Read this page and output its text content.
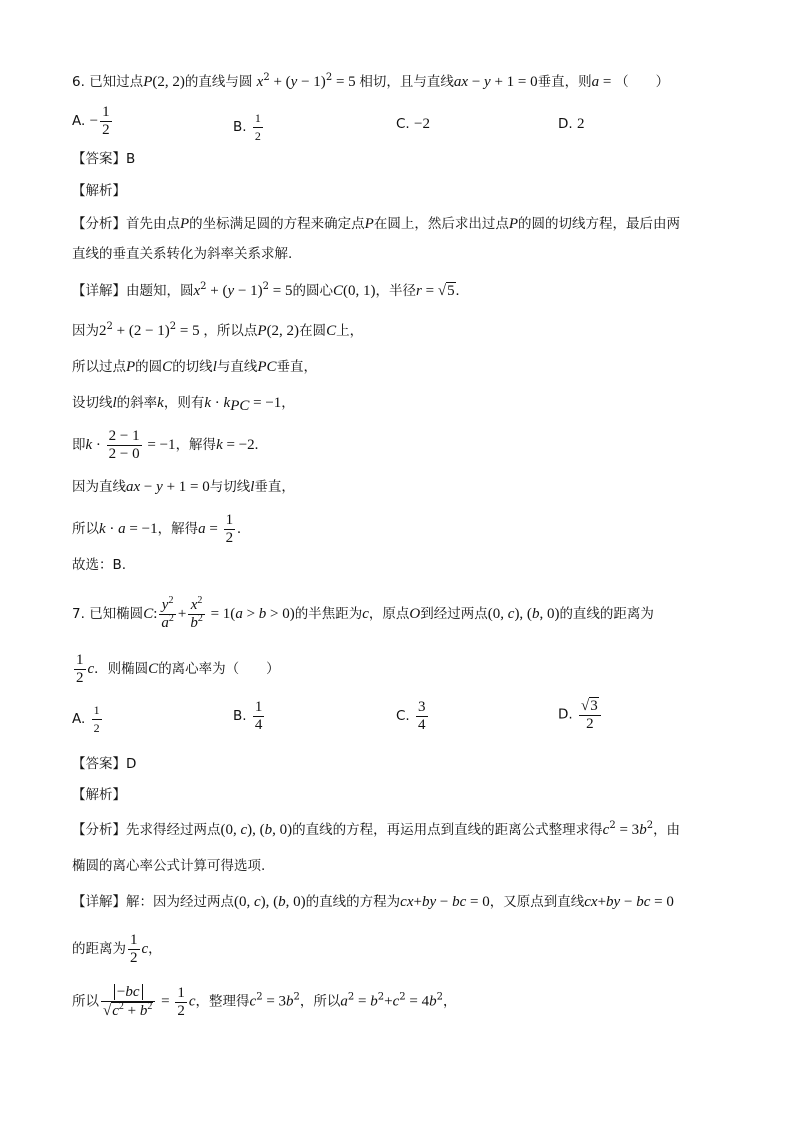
6. 已知过点P(2, 2)的直线与圆 $x^2 + (y - 1)^2 = 5$ 相切，且与直线ax − y + 1 = 0垂直，则a = （　　）
A. − $\frac{1}{2}$	B. $\frac{1}{2}$	C. −2	D. 2
【答案】B
【解析】
【分析】首先由点P的坐标满足圆的方程来确定点P在圆上，然后求出过点P的圆的切线方程，最后由两
直线的垂直关系转化为斜率关系求解.
【详解】由题知，圆$x^2 + (y - 1)^2 = 5$的圆心C(0, 1)，半径r = √5.
因为$2^2 + (2 - 1)^2 = 5$ ，所以点P(2, 2)在圆C上，
所以过点P的圆C的切线l与直线PC垂直，
设切线l的斜率k，则有$k \cdot k_{PC} = -1$，
即$k \cdot \frac{2 - 1}{2 - 0} = -1$，解得k = −2.
因为直线ax − y + 1 = 0与切线l垂直，
所以k · a = −1，解得$a = \frac{1}{2}$ .
故选：B.
7. 已知椭圆C: $\frac{y^2}{a^2} + \frac{x^2}{b^2} = 1(a > b > 0)$的半焦距为c，原点O到经过两点(0, c), (b, 0)的直线的距离为
$\frac{1}{2}$ c．则椭圆C的离心率为（　　）
A. $\frac{1}{2}$	B. $\frac{1}{4}$	C. $\frac{3}{4}$	D. $\frac{√3}{2}$
【答案】D
【解析】
【分析】先求得经过两点(0, c), (b, 0)的直线的方程，再运用点到直线的距离公式整理求得$c^2 = 3b^2$，由
椭圆的离心率公式计算可得选项.
【详解】解：因为经过两点(0, c), (b, 0)的直线的方程为cx+by − bc = 0，又原点到直线cx+by − bc = 0
的距离为 $\frac{1}{2}$ c，
所以 $\frac{-bc}{√c^2 + b^2} = \frac{1}{2}$ c，整理得$c^2 = 3b^2$，所以$a^2 = b^2+c^2 = 4b^2$，
